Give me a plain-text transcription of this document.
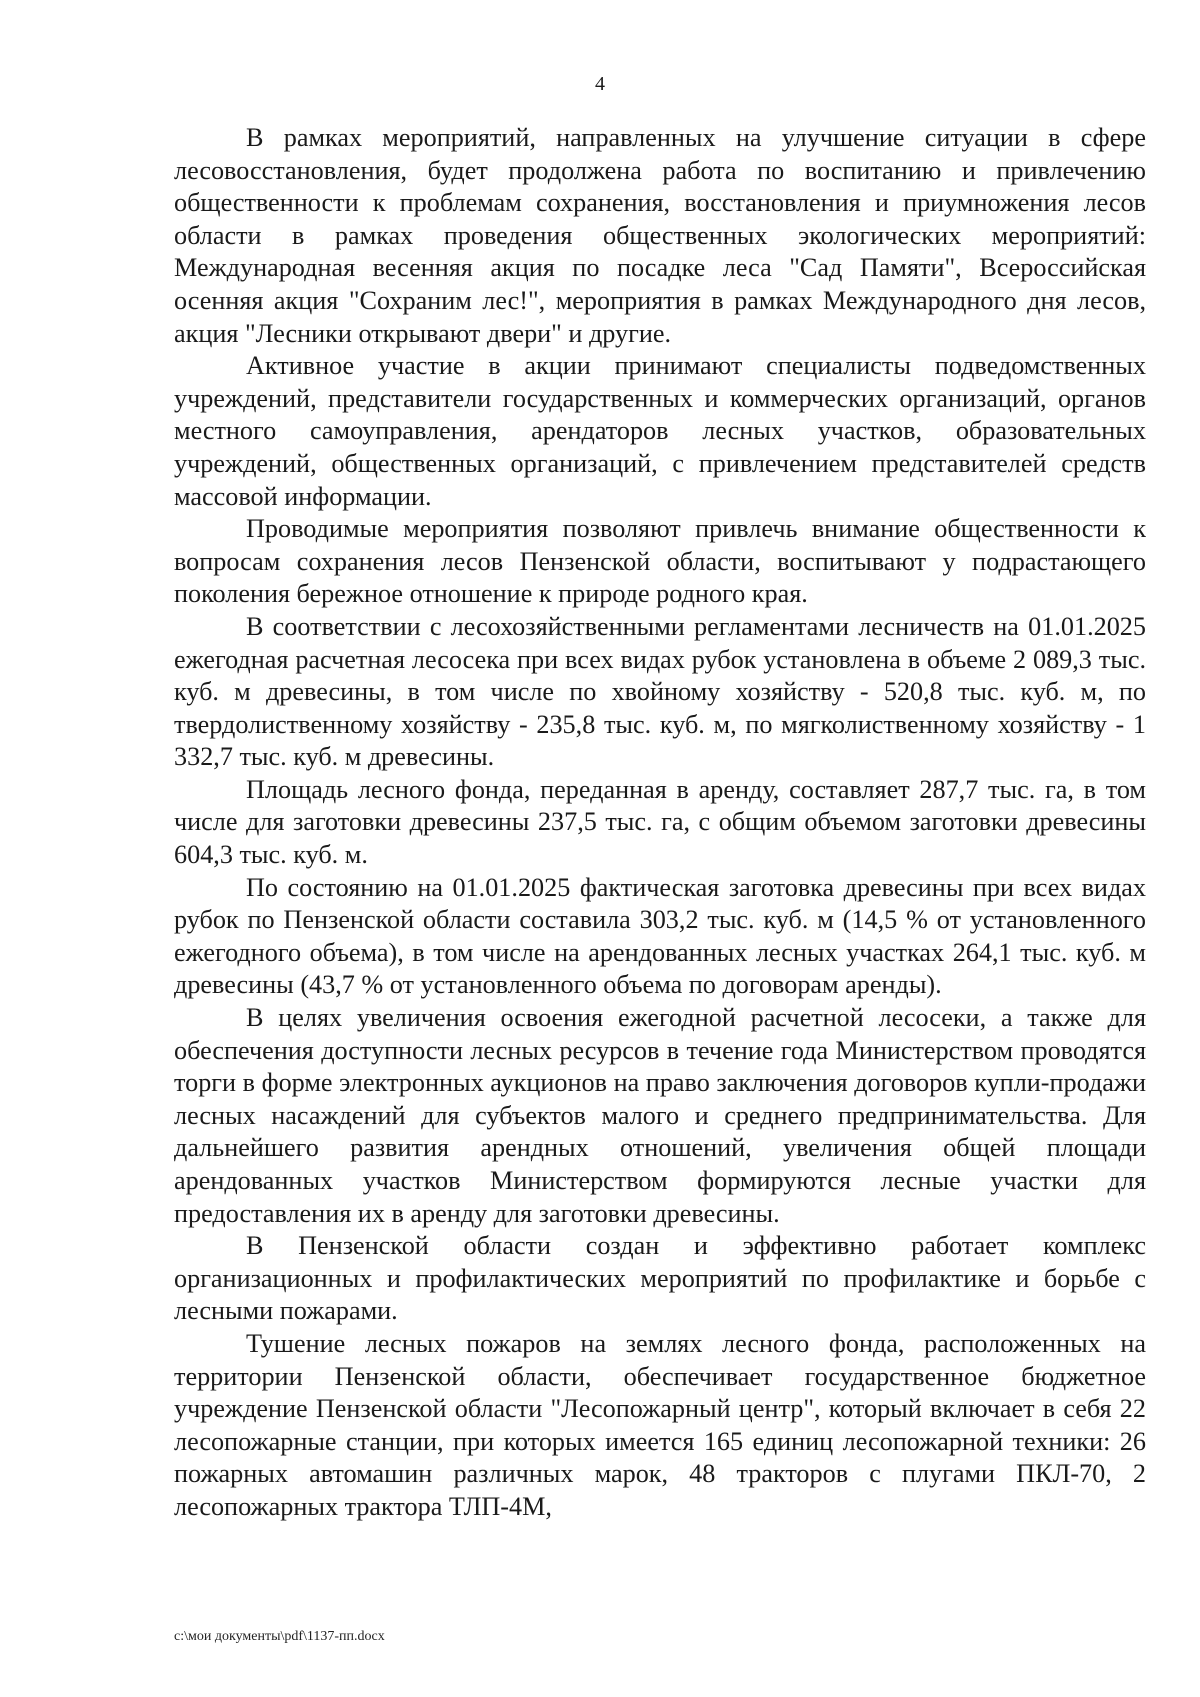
4

В рамках мероприятий, направленных на улучшение ситуации в сфере лесовосстановления, будет продолжена работа по воспитанию и привлечению общественности к проблемам сохранения, восстановления и приумножения лесов области в рамках проведения общественных экологических мероприятий: Международная весенняя акция по посадке леса "Сад Памяти", Всероссийская осенняя акция "Сохраним лес!", мероприятия в рамках Международного дня лесов, акция "Лесники открывают двери" и другие.

Активное участие в акции принимают специалисты подведомственных учреждений, представители государственных и коммерческих организаций, органов местного самоуправления, арендаторов лесных участков, образовательных учреждений, общественных организаций, с привлечением представителей средств массовой информации.

Проводимые мероприятия позволяют привлечь внимание общественности к вопросам сохранения лесов Пензенской области, воспитывают у подрастающего поколения бережное отношение к природе родного края.

В соответствии с лесохозяйственными регламентами лесничеств на 01.01.2025 ежегодная расчетная лесосека при всех видах рубок установлена в объеме 2 089,3 тыс. куб. м древесины, в том числе по хвойному хозяйству - 520,8 тыс. куб. м, по твердолиственному хозяйству - 235,8 тыс. куб. м, по мягколиственному хозяйству - 1 332,7 тыс. куб. м древесины.

Площадь лесного фонда, переданная в аренду, составляет 287,7 тыс. га, в том числе для заготовки древесины 237,5 тыс. га, с общим объемом заготовки древесины 604,3 тыс. куб. м.

По состоянию на 01.01.2025 фактическая заготовка древесины при всех видах рубок по Пензенской области составила 303,2 тыс. куб. м (14,5 % от установленного ежегодного объема), в том числе на арендованных лесных участках 264,1 тыс. куб. м древесины (43,7 % от установленного объема по договорам аренды).

В целях увеличения освоения ежегодной расчетной лесосеки, а также для обеспечения доступности лесных ресурсов в течение года Министерством проводятся торги в форме электронных аукционов на право заключения договоров купли-продажи лесных насаждений для субъектов малого и среднего предпринимательства. Для дальнейшего развития арендных отношений, увеличения общей площади арендованных участков Министерством формируются лесные участки для предоставления их в аренду для заготовки древесины.

В Пензенской области создан и эффективно работает комплекс организационных и профилактических мероприятий по профилактике и борьбе с лесными пожарами.

Тушение лесных пожаров на землях лесного фонда, расположенных на территории Пензенской области, обеспечивает государственное бюджетное учреждение Пензенской области "Лесопожарный центр", который включает в себя 22 лесопожарные станции, при которых имеется 165 единиц лесопожарной техники: 26 пожарных автомашин различных марок, 48 тракторов с плугами ПКЛ-70, 2 лесопожарных трактора ТЛП-4М,

c:\мои документы\pdf\1137-пп.docx
